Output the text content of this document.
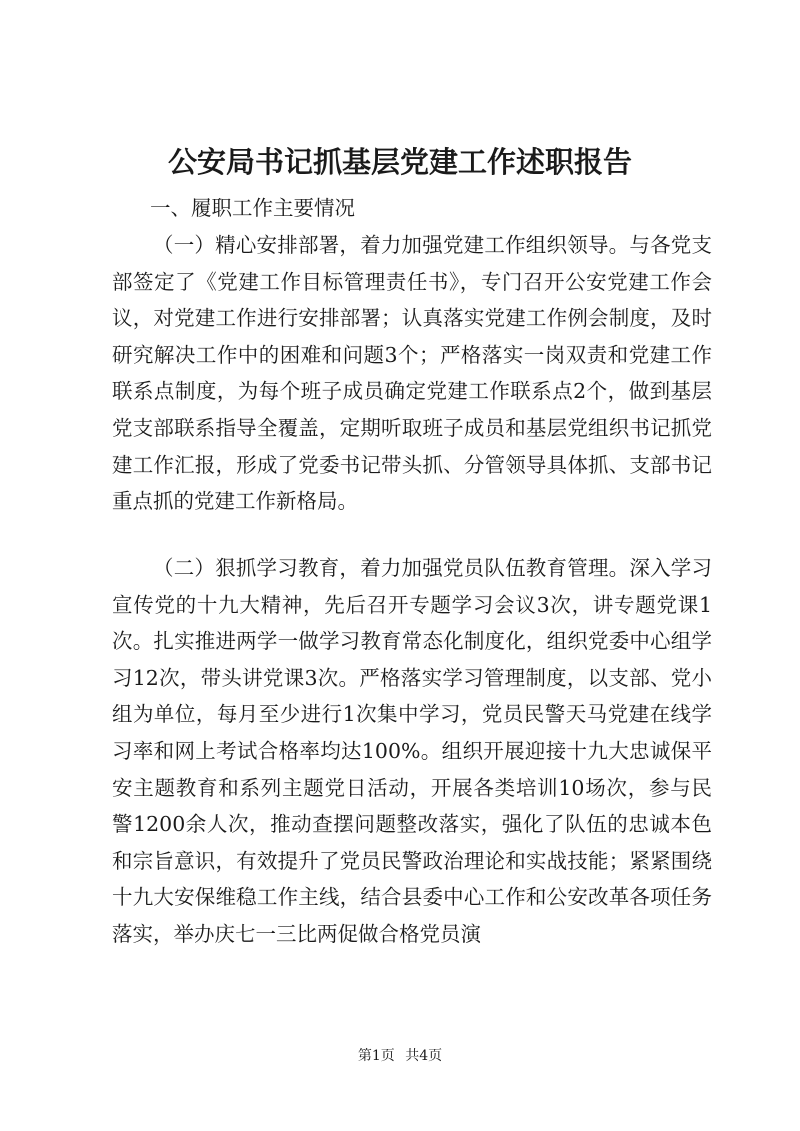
公安局书记抓基层党建工作述职报告

一、履职工作主要情况

（一）精心安排部署，着力加强党建工作组织领导。与各党支部签定了《党建工作目标管理责任书》，专门召开公安党建工作会议，对党建工作进行安排部署；认真落实党建工作例会制度，及时研究解决工作中的困难和问题3个；严格落实一岗双责和党建工作联系点制度，为每个班子成员确定党建工作联系点2个，做到基层党支部联系指导全覆盖，定期听取班子成员和基层党组织书记抓党建工作汇报，形成了党委书记带头抓、分管领导具体抓、支部书记重点抓的党建工作新格局。

（二）狠抓学习教育，着力加强党员队伍教育管理。深入学习宣传党的十九大精神，先后召开专题学习会议3次，讲专题党课1次。扎实推进两学一做学习教育常态化制度化，组织党委中心组学习12次，带头讲党课3次。严格落实学习管理制度，以支部、党小组为单位，每月至少进行1次集中学习，党员民警天马党建在线学习率和网上考试合格率均达100%。组织开展迎接十九大忠诚保平安主题教育和系列主题党日活动，开展各类培训10场次，参与民警1200余人次，推动查摆问题整改落实，强化了队伍的忠诚本色和宗旨意识，有效提升了党员民警政治理论和实战技能；紧紧围绕十九大安保维稳工作主线，结合县委中心工作和公安改革各项任务落实，举办庆七一三比两促做合格党员演

第1页 共4页
